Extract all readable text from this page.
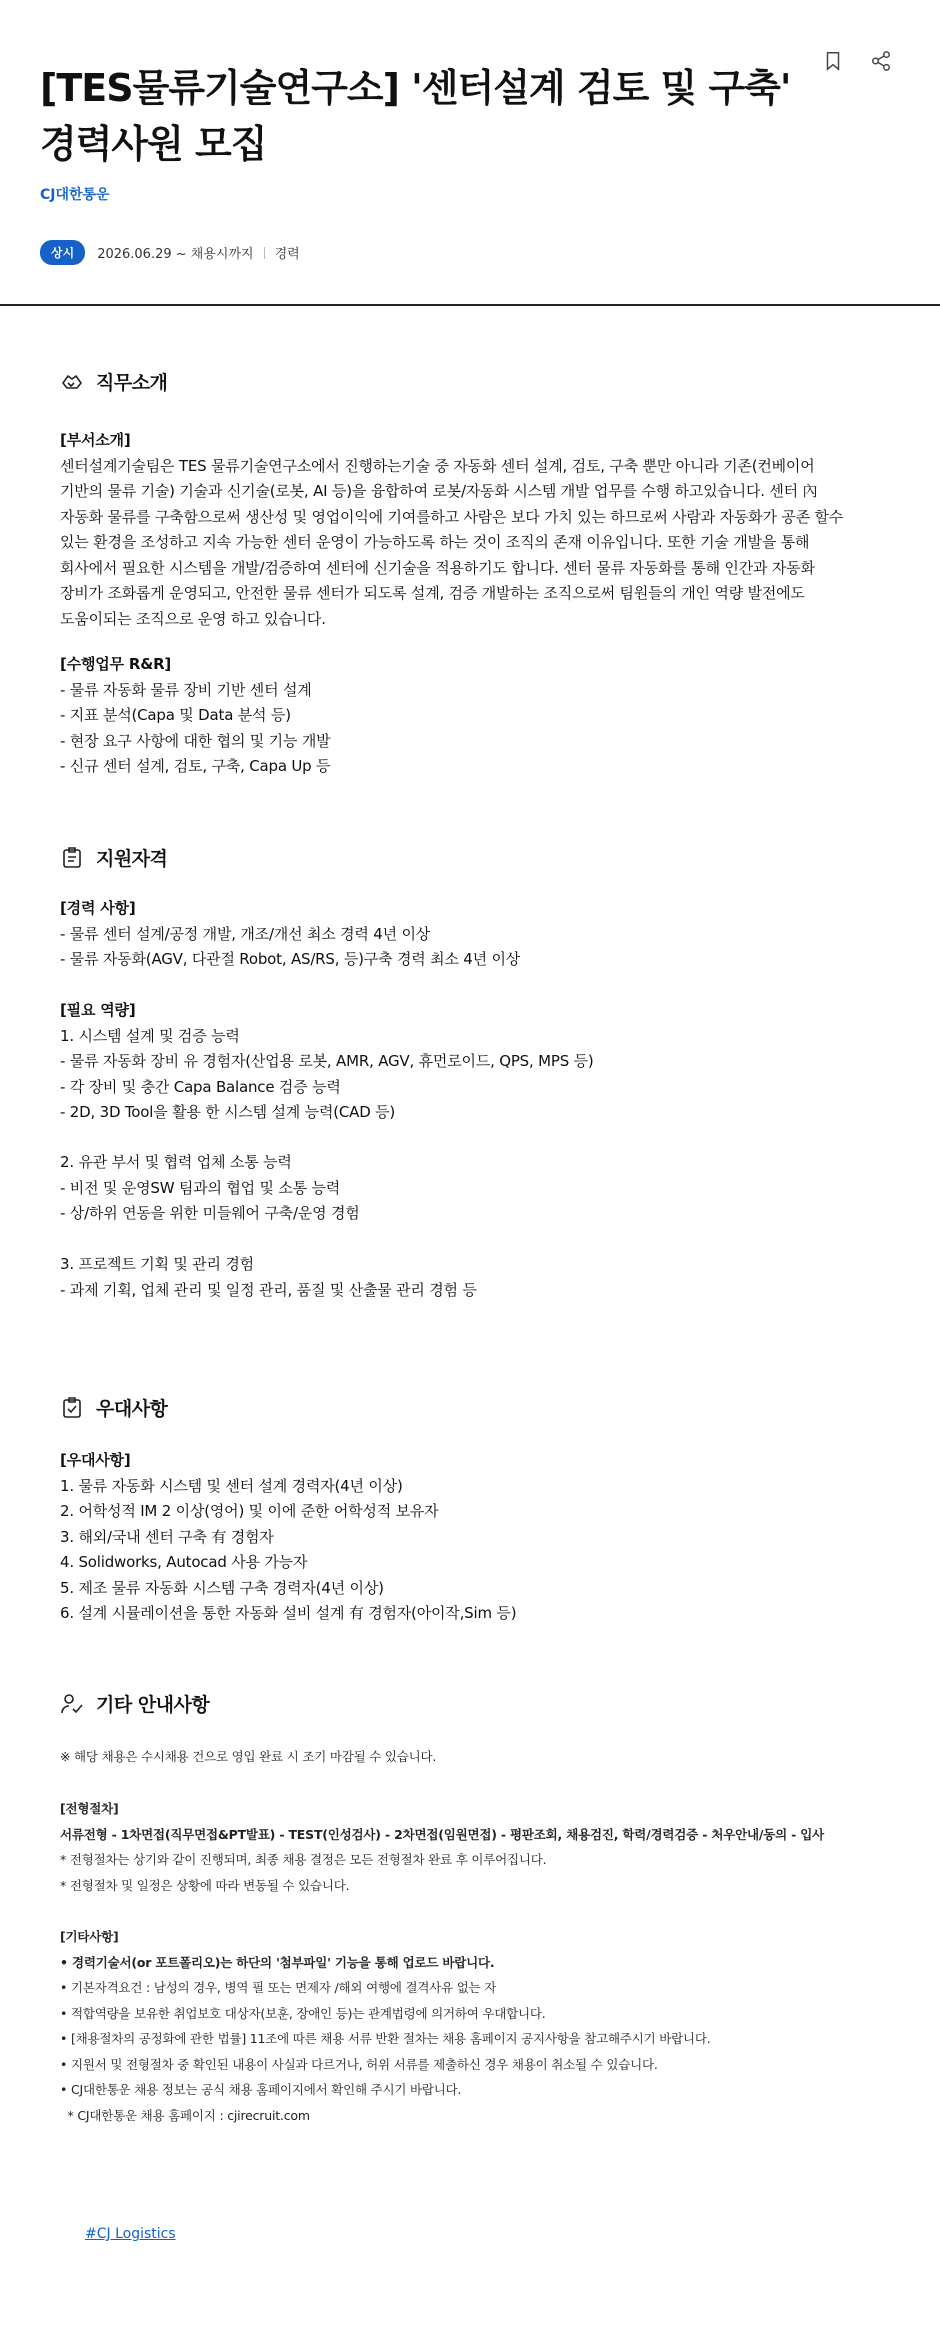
[TES물류기술연구소] '센터설계 검토 및 구축' 경력사원 모집
CJ대한통운
상시	2026.06.29 ~ 채용시까지 경력
직무소개
[부서소개]
센터설계기술팀은 TES 물류기술연구소에서 진행하는기술 중 자동화 센터 설계, 검토, 구축 뿐만 아니라 기존(컨베이어
기반의 물류 기술) 기술과 신기술(로봇, AI 등)을 융합하여 로봇/자동화 시스템 개발 업무를 수행 하고있습니다. 센터 內
자동화 물류를 구축함으로써 생산성 및 영업이익에 기여를하고 사람은 보다 가치 있는 하므로써 사람과 자동화가 공존 할수
있는 환경을 조성하고 지속 가능한 센터 운영이 가능하도록 하는 것이 조직의 존재 이유입니다. 또한 기술 개발을 통해
회사에서 필요한 시스템을 개발/검증하여 센터에 신기술을 적용하기도 합니다. 센터 물류 자동화를 통해 인간과 자동화
장비가 조화롭게 운영되고, 안전한 물류 센터가 되도록 설계, 검증 개발하는 조직으로써 팀원들의 개인 역량 발전에도
도움이되는 조직으로 운영 하고 있습니다.
[수행업무 R&R]
- 물류 자동화 물류 장비 기반 센터 설계
- 지표 분석(Capa 및 Data 분석 등)
- 현장 요구 사항에 대한 협의 및 기능 개발
- 신규 센터 설계, 검토, 구축, Capa Up 등
지원자격
[경력 사항]
- 물류 센터 설계/공정 개발, 개조/개선 최소 경력 4년 이상
- 물류 자동화(AGV, 다관절 Robot, AS/RS, 등)구축 경력 최소 4년 이상
[필요 역량]
1. 시스템 설계 및 검증 능력
- 물류 자동화 장비 유 경험자(산업용 로봇, AMR, AGV, 휴먼로이드, QPS, MPS 등)
- 각 장비 및 충간 Capa Balance 검증 능력
- 2D, 3D Tool을 활용 한 시스템 설계 능력(CAD 등)
2. 유관 부서 및 협력 업체 소통 능력
- 비전 및 운영SW 팀과의 협업 및 소통 능력
- 상/하위 연동을 위한 미들웨어 구축/운영 경험
3. 프로젝트 기획 및 관리 경험
- 과제 기획, 업체 관리 및 일정 관리, 품질 및 산출물 관리 경험 등
우대사항
[우대사항]
1. 물류 자동화 시스템 및 센터 설계 경력자(4년 이상)
2. 어학성적 IM 2 이상(영어) 및 이에 준한 어학성적 보유자
3. 해외/국내 센터 구축 有 경험자
4. Solidworks, Autocad 사용 가능자
5. 제조 물류 자동화 시스템 구축 경력자(4년 이상)
6. 설계 시뮬레이션을 통한 자동화 설비 설계 有 경험자(아이작,Sim 등)
기타 안내사항
※ 해당 채용은 수시채용 건으로 영입 완료 시 조기 마감될 수 있습니다.
[전형절차]
서류전형 - 1차면접(직무면접&PT발표) - TEST(인성검사) - 2차면접(임원면접) - 평판조회, 채용검진, 학력/경력검증 - 처우안내/동의 - 입사
* 전형절차는 상기와 같이 진행되며, 최종 채용 결정은 모든 전형절차 완료 후 이루어집니다.
* 전형절차 및 일정은 상황에 따라 변동될 수 있습니다.
[기타사항]
• 경력기술서(or 포트폴리오)는 하단의 '첨부파일' 기능을 통해 업로드 바랍니다.
• 기본자격요건 : 남성의 경우, 병역 필 또는 면제자 /해외 여행에 결격사유 없는 자
• 적합역량을 보유한 취업보호 대상자(보훈, 장애인 등)는 관계법령에 의거하여 우대합니다.
• [채용절차의 공정화에 관한 법률] 11조에 따른 채용 서류 반환 절차는 채용 홈페이지 공지사항을 참고해주시기 바랍니다.
• 지원서 및 전형절차 중 확인된 내용이 사실과 다르거나, 허위 서류를 제출하신 경우 채용이 취소될 수 있습니다.
• CJ대한통운 채용 정보는 공식 채용 홈페이지에서 확인해 주시기 바랍니다.
* CJ대한통운 채용 홈페이지 : cjirecruit.com
#CJ Logistics
